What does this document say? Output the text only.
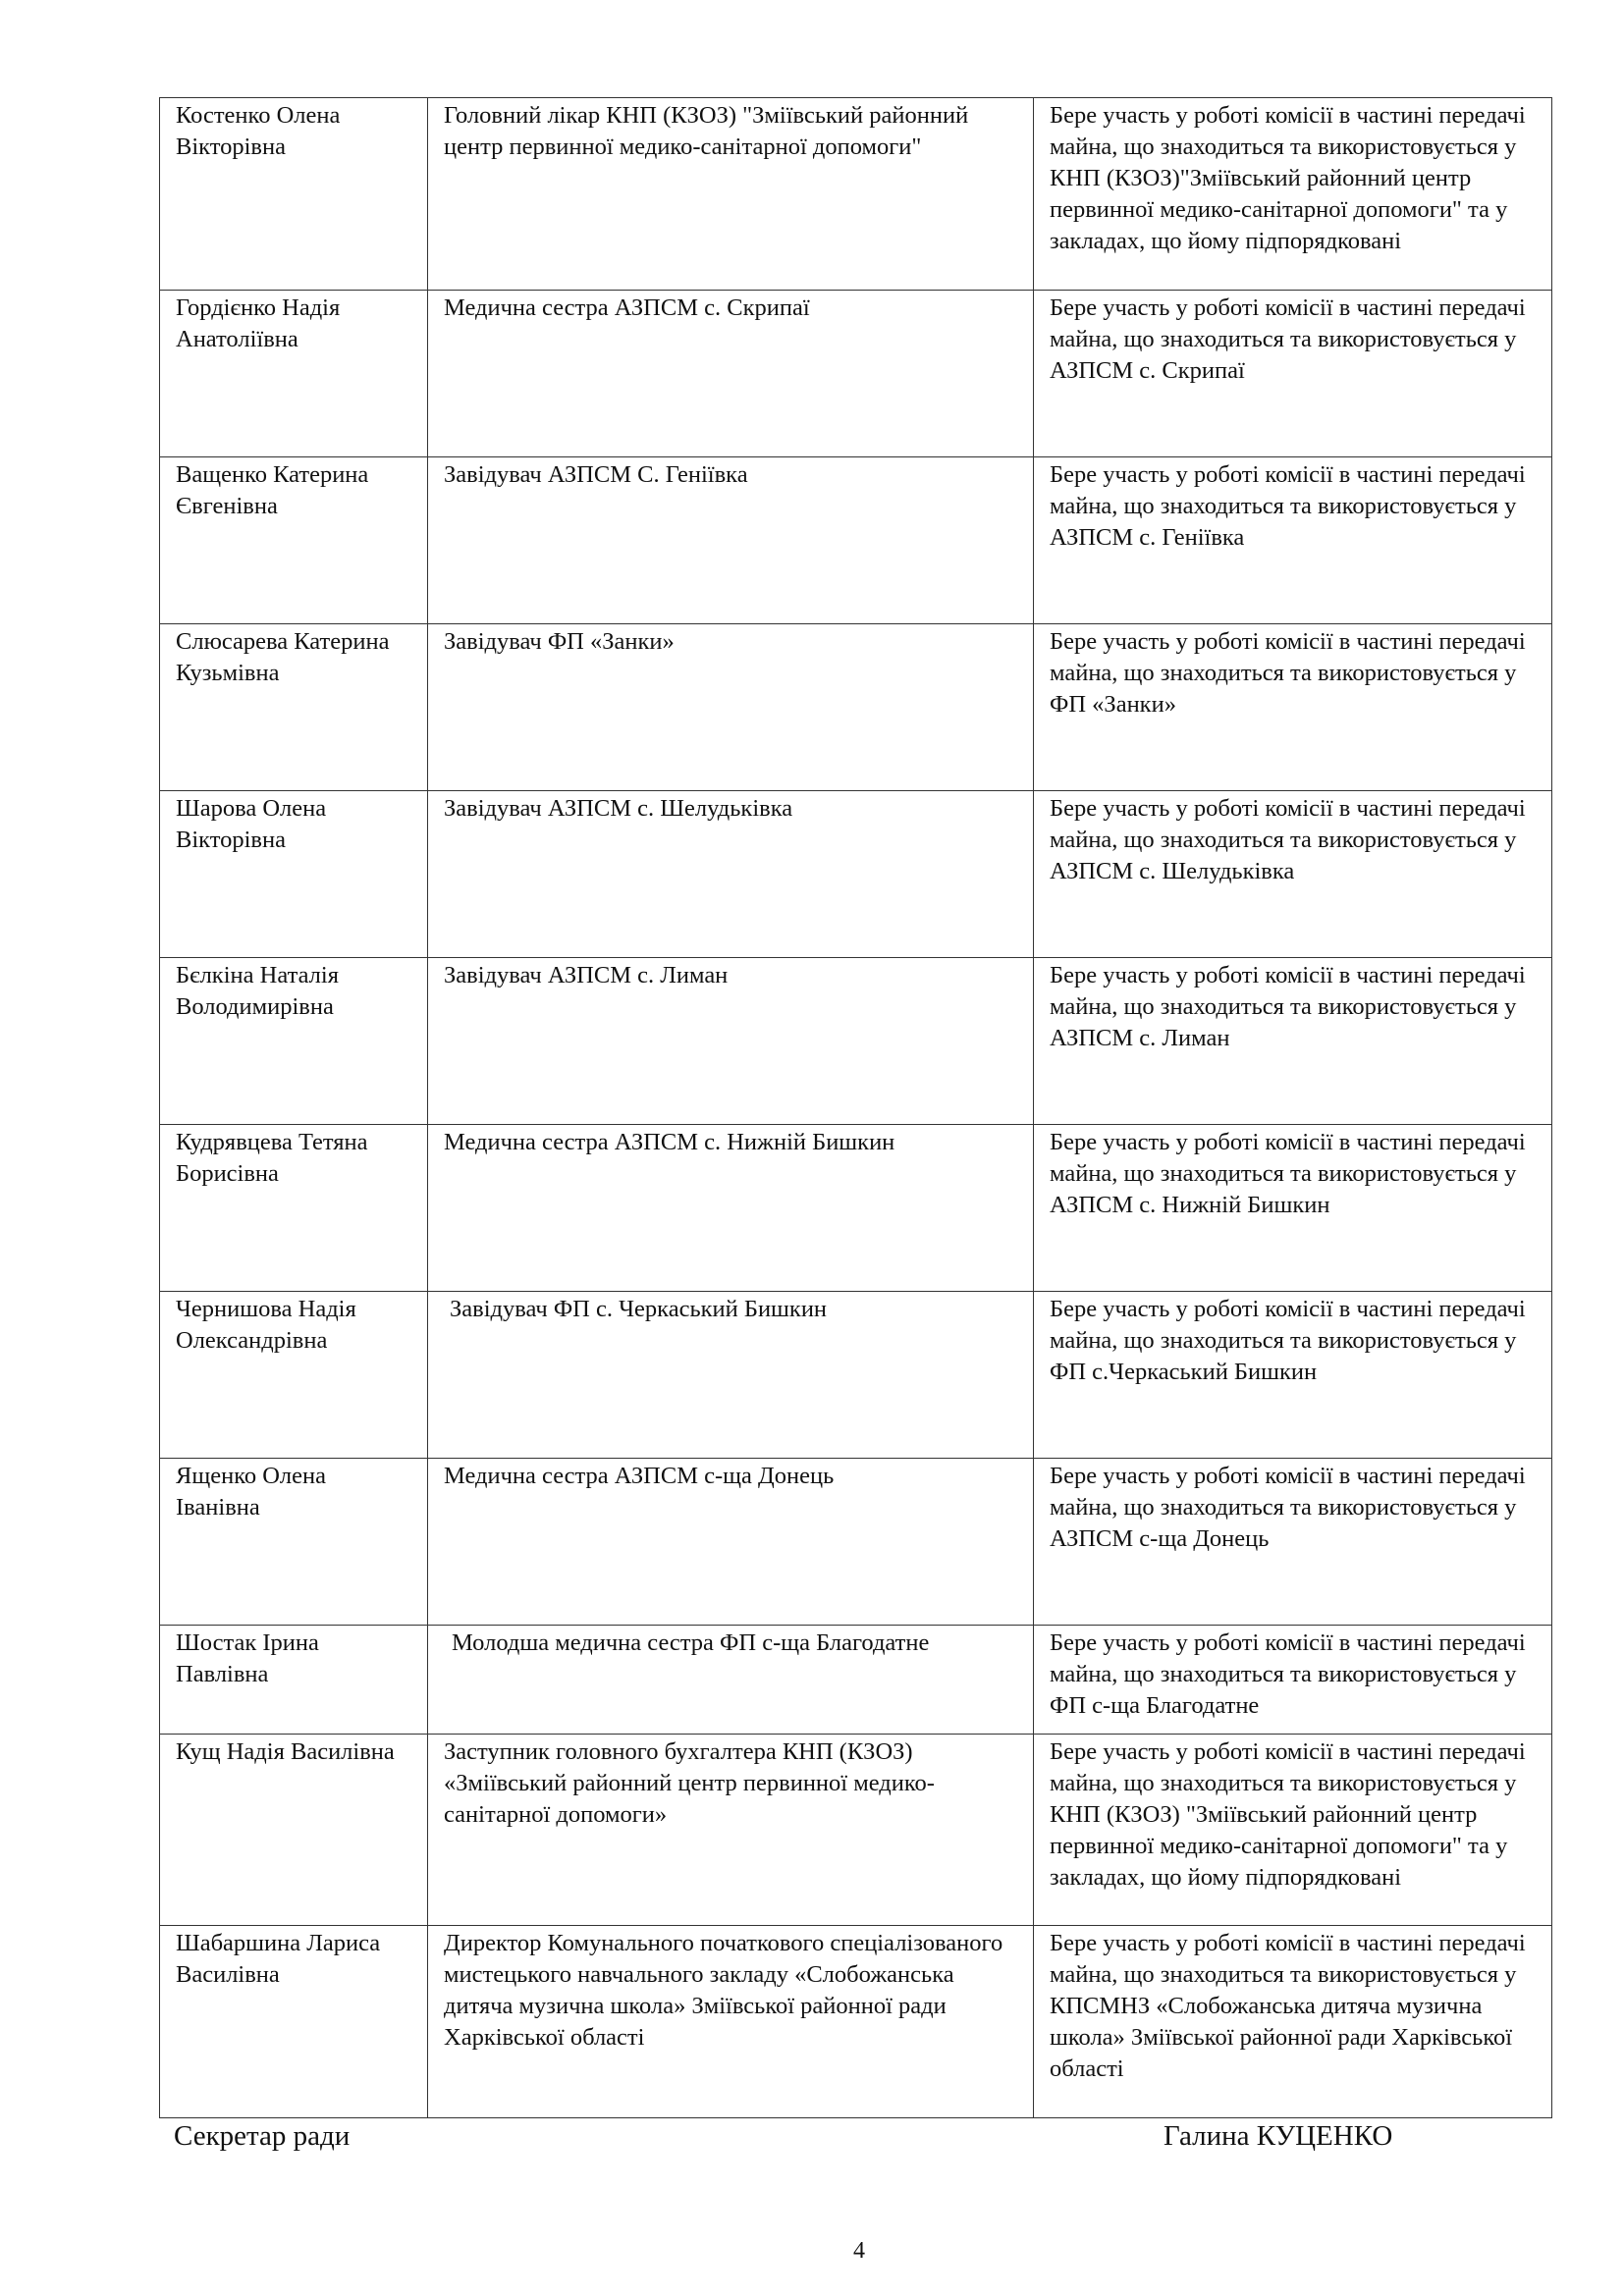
Костенко Олена Вікторівна	Головний лікар КНП (КЗОЗ) "Зміївський районний центр первинної медико-санітарної допомоги"	Бере участь у роботі комісії в частині передачі майна, що знаходиться та використовується у КНП (КЗОЗ)"Зміївський районний центр первинної медико-санітарної допомоги" та у закладах, що йому підпорядковані
Гордієнко Надія Анатоліївна	Медична сестра АЗПСМ с. Скрипаї	Бере участь у роботі комісії в частині передачі майна, що знаходиться та використовується у АЗПСМ с. Скрипаї
Ващенко Катерина Євгенівна	Завідувач АЗПСМ С. Геніївка	Бере участь у роботі комісії в частині передачі майна, що знаходиться та використовується у АЗПСМ с. Геніївка
Слюсарева Катерина Кузьмівна	Завідувач ФП «Занки»	Бере участь у роботі комісії в частині передачі майна, що знаходиться та використовується у ФП «Занки»
Шарова Олена Вікторівна	Завідувач АЗПСМ с. Шелудьківка	Бере участь у роботі комісії в частині передачі майна, що знаходиться та використовується у АЗПСМ с. Шелудьківка
Бєлкіна Наталія Володимирівна	Завідувач АЗПСМ с. Лиман	Бере участь у роботі комісії в частині передачі майна, що знаходиться та використовується у АЗПСМ с. Лиман
Кудрявцева Тетяна Борисівна	Медична сестра АЗПСМ с. Нижній Бишкин	Бере участь у роботі комісії в частині передачі майна, що знаходиться та використовується у АЗПСМ с. Нижній Бишкин
Чернишова Надія Олександрівна	Завідувач ФП с. Черкаський Бишкин	Бере участь у роботі комісії в частині передачі майна, що знаходиться та використовується у ФП с.Черкаський Бишкин
Ященко Олена Іванівна	Медична сестра АЗПСМ с-ща Донець	Бере участь у роботі комісії в частині передачі майна, що знаходиться та використовується у АЗПСМ с-ща Донець
Шостак Ірина Павлівна	Молодша медична сестра ФП с-ща Благодатне	Бере участь у роботі комісії в частині передачі майна, що знаходиться та використовується у ФП с-ща Благодатне
Кущ Надія Василівна	Заступник головного бухгалтера КНП (КЗОЗ) «Зміївський районний центр первинної медико-санітарної допомоги»	Бере участь у роботі комісії в частині передачі майна, що знаходиться та використовується у КНП (КЗОЗ) "Зміївський районний центр первинної медико-санітарної допомоги" та у закладах, що йому підпорядковані
Шабаршина Лариса Василівна	Директор Комунального початкового спеціалізованого мистецького навчального закладу «Слобожанська дитяча музична школа» Зміївської районної ради Харківської області	Бере участь у роботі комісії в частині передачі майна, що знаходиться та використовується у КПСМНЗ «Слобожанська дитяча музична школа» Зміївської районної ради Харківської області
Секретар ради	Галина КУЦЕНКО
4
